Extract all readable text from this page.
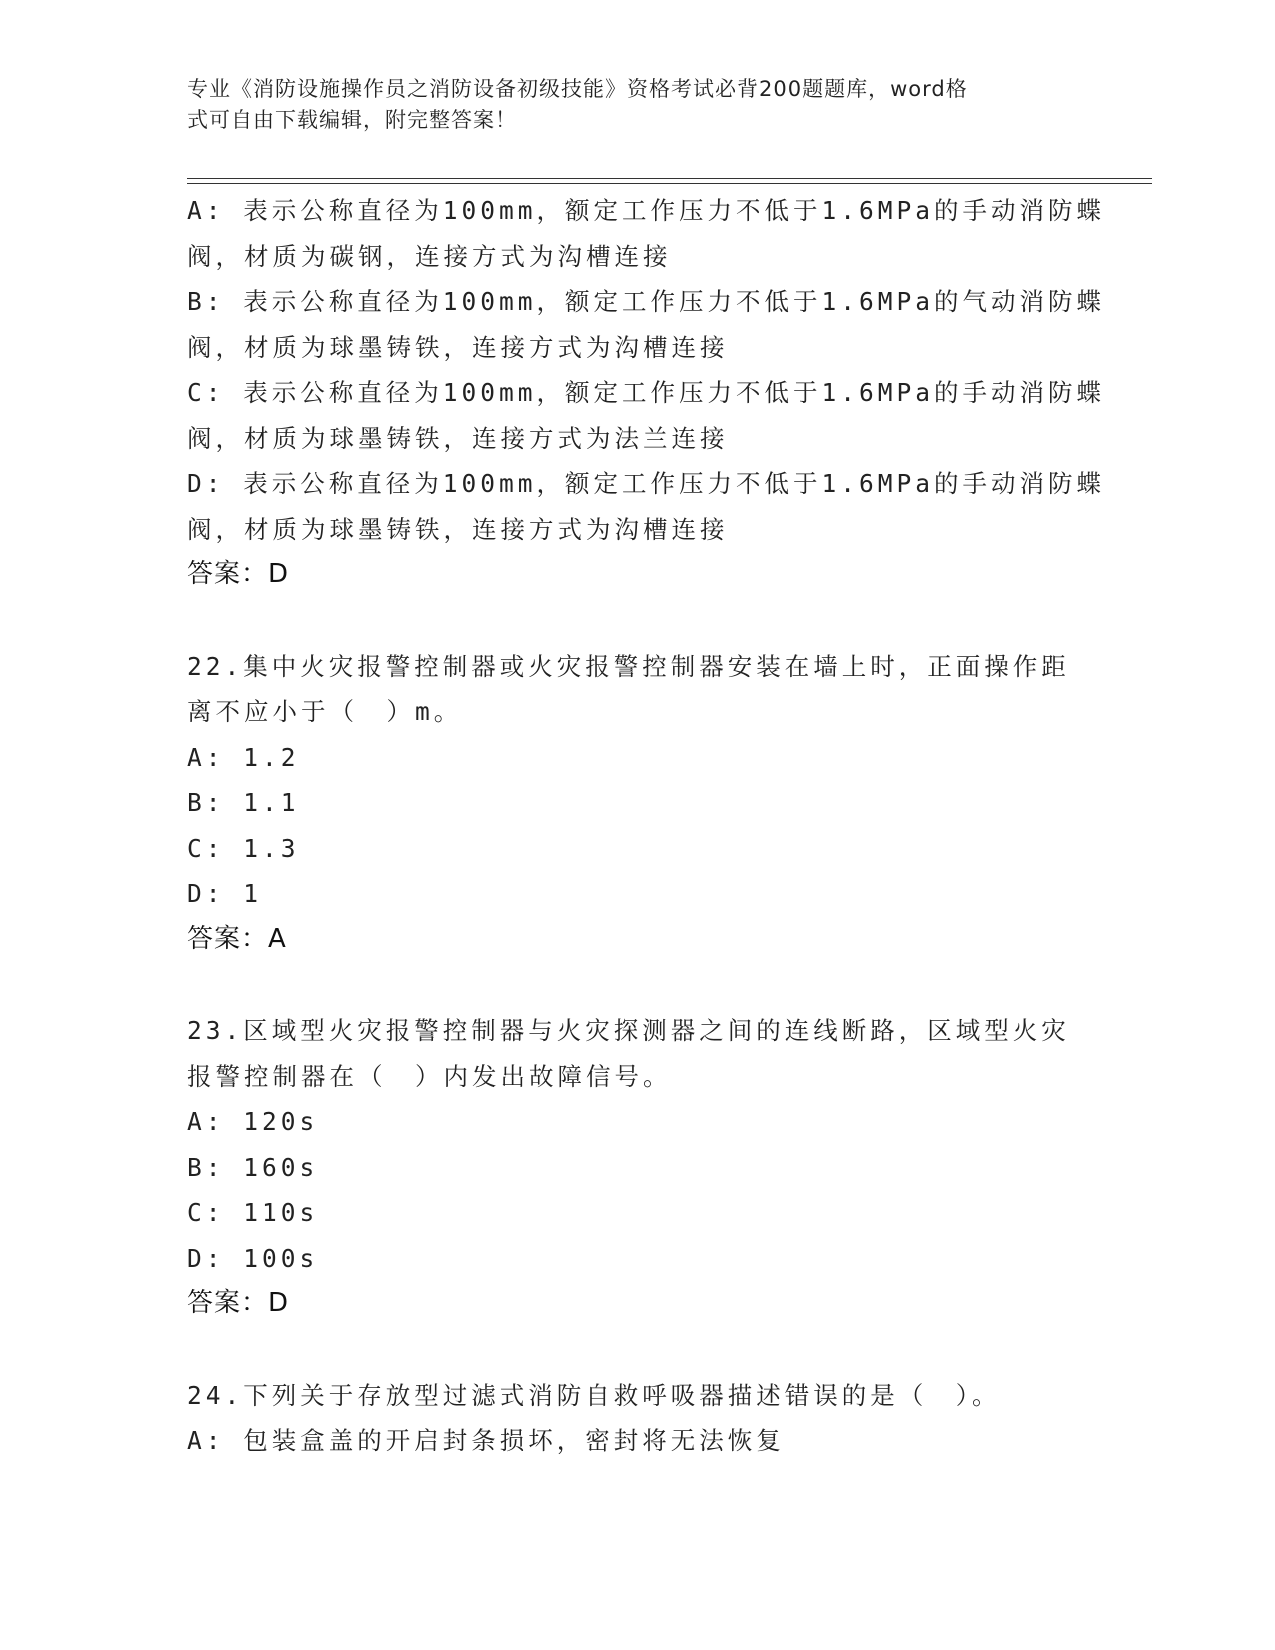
专业《消防设施操作员之消防设备初级技能》资格考试必背200题题库，word格
式可自由下载编辑，附完整答案！
A: 表示公称直径为100mm，额定工作压力不低于1.6MPa的手动消防蝶
阀，材质为碳钢，连接方式为沟槽连接
B: 表示公称直径为100mm，额定工作压力不低于1.6MPa的气动消防蝶
阀，材质为球墨铸铁，连接方式为沟槽连接
C: 表示公称直径为100mm，额定工作压力不低于1.6MPa的手动消防蝶
阀，材质为球墨铸铁，连接方式为法兰连接
D: 表示公称直径为100mm，额定工作压力不低于1.6MPa的手动消防蝶
阀，材质为球墨铸铁，连接方式为沟槽连接
答案：D
22.集中火灾报警控制器或火灾报警控制器安装在墙上时，正面操作距
离不应小于（　）m。
A: 1.2
B: 1.1
C: 1.3
D: 1
答案：A
23.区域型火灾报警控制器与火灾探测器之间的连线断路，区域型火灾
报警控制器在（　）内发出故障信号。
A: 120s
B: 160s
C: 110s
D: 100s
答案：D
24.下列关于存放型过滤式消防自救呼吸器描述错误的是（　）。
A: 包装盒盖的开启封条损坏，密封将无法恢复
